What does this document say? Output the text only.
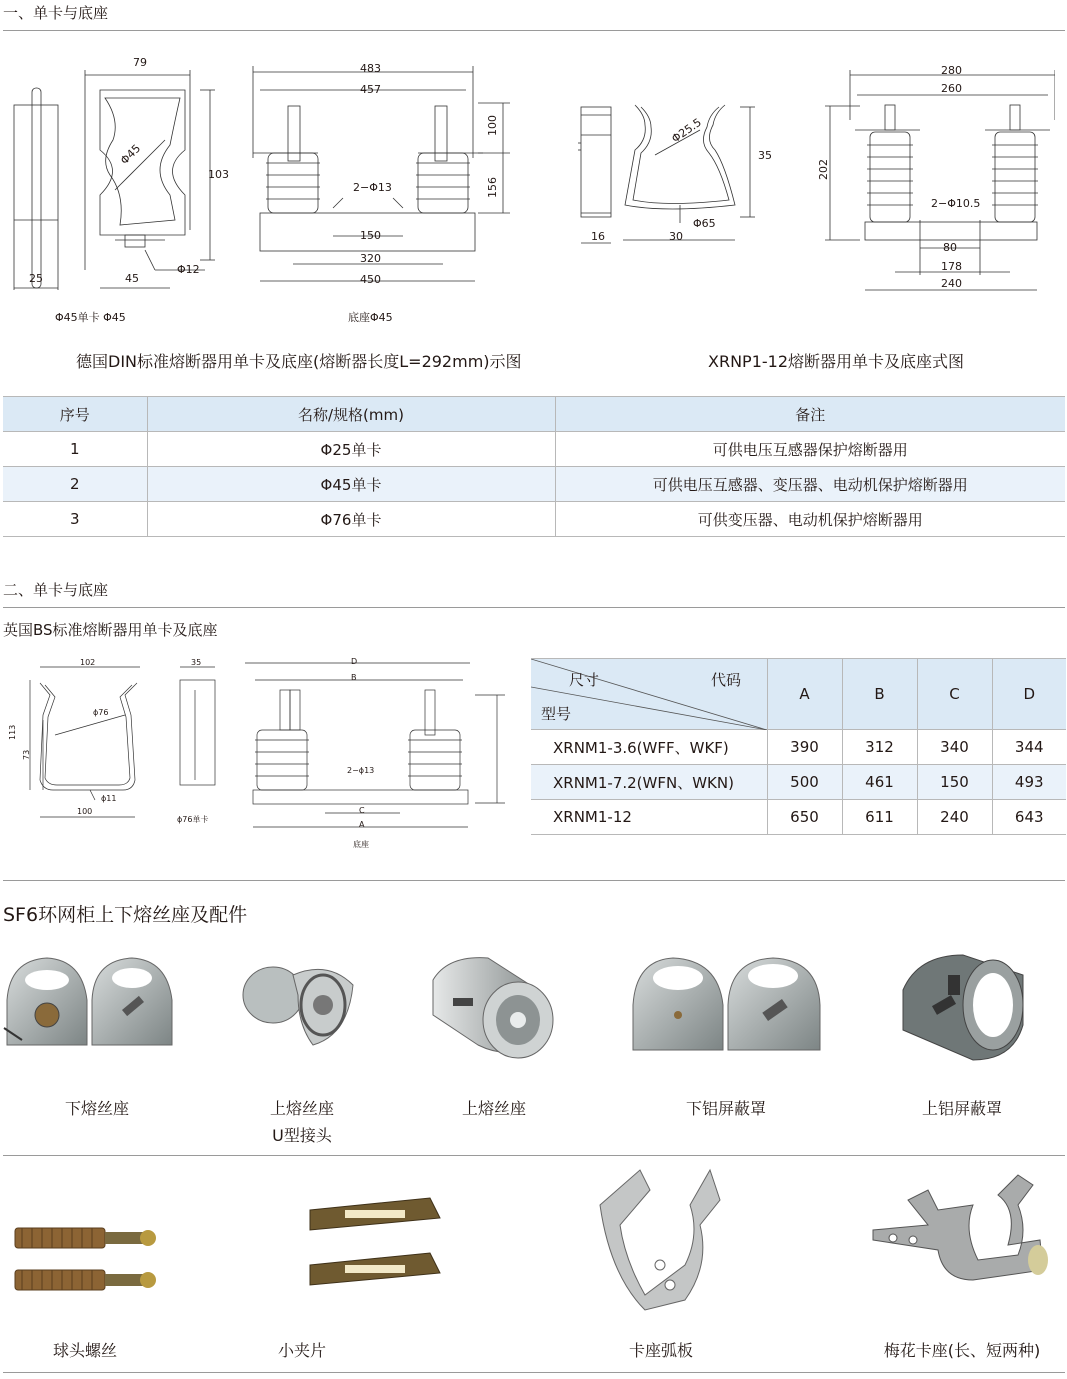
一、单卡与底座
79
103
Φ45
25	45
Φ12
Φ45单卡 Φ45
483
457
100
156
2−Φ13
150
320
450
底座Φ45
Φ25.5
35
Φ65
16	30
280
260
202
2−Φ10.5
80
178
240
德国DIN标准熔断器用单卡及底座(熔断器长度L=292mm)示图	XRNP1-12熔断器用单卡及底座式图
序号	名称/规格(mm)	备注
1	Φ25单卡	可供电压互感器保护熔断器用
2	Φ45单卡	可供电压互感器、变压器、电动机保护熔断器用
3	Φ76单卡	可供变压器、电动机保护熔断器用
二、单卡与底座
英国BS标准熔断器用单卡及底座
102
113
73
ϕ76
ϕ11
100
35
ϕ76单卡
D
B
2−ϕ13
C
A
底座
尺寸 代码
型号	A	B	C	D
XRNM1-3.6(WFF、WKF)	390	312	340	344
XRNM1-7.2(WFN、WKN)	500	461	150	493
XRNM1-12	650	611	240	643
SF6环网柜上下熔丝座及配件
下熔丝座	上熔丝座
U型接头
上熔丝座	下铝屏蔽罩	上铝屏蔽罩
球头螺丝	小夹片	卡座弧板	梅花卡座(长、短两种)
